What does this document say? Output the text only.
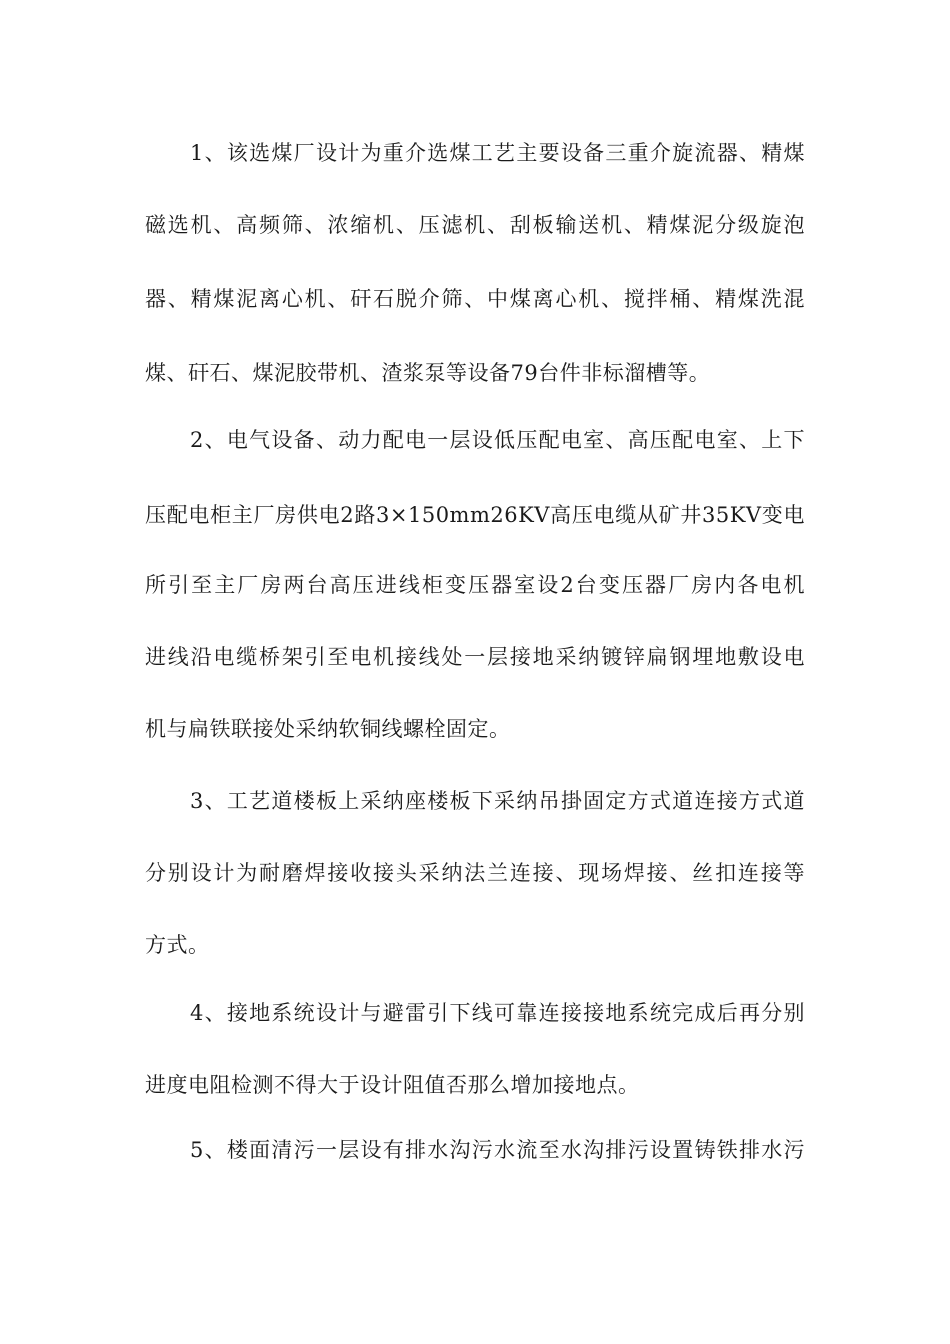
1、该选煤厂设计为重介选煤工艺主要设备三重介旋流器、精煤
磁选机、高频筛、浓缩机、压滤机、刮板输送机、精煤泥分级旋泡
器、精煤泥离心机、矸石脱介筛、中煤离心机、搅拌桶、精煤洗混
煤、矸石、煤泥胶带机、渣浆泵等设备79台件非标溜槽等。
2、电气设备、动力配电一层设低压配电室、高压配电室、上下
压配电柜主厂房供电2路3×150mm26KV高压电缆从矿井35KV变电
所引至主厂房两台高压进线柜变压器室设2台变压器厂房内各电机
进线沿电缆桥架引至电机接线处一层接地采纳镀锌扁钢埋地敷设电
机与扁铁联接处采纳软铜线螺栓固定。
3、工艺道楼板上采纳座楼板下采纳吊掛固定方式道连接方式道
分别设计为耐磨焊接收接头采纳法兰连接、现场焊接、丝扣连接等
方式。
4、接地系统设计与避雷引下线可靠连接接地系统完成后再分别
进度电阻检测不得大于设计阻值否那么增加接地点。
5、楼面清污一层设有排水沟污水流至水沟排污设置铸铁排水污
